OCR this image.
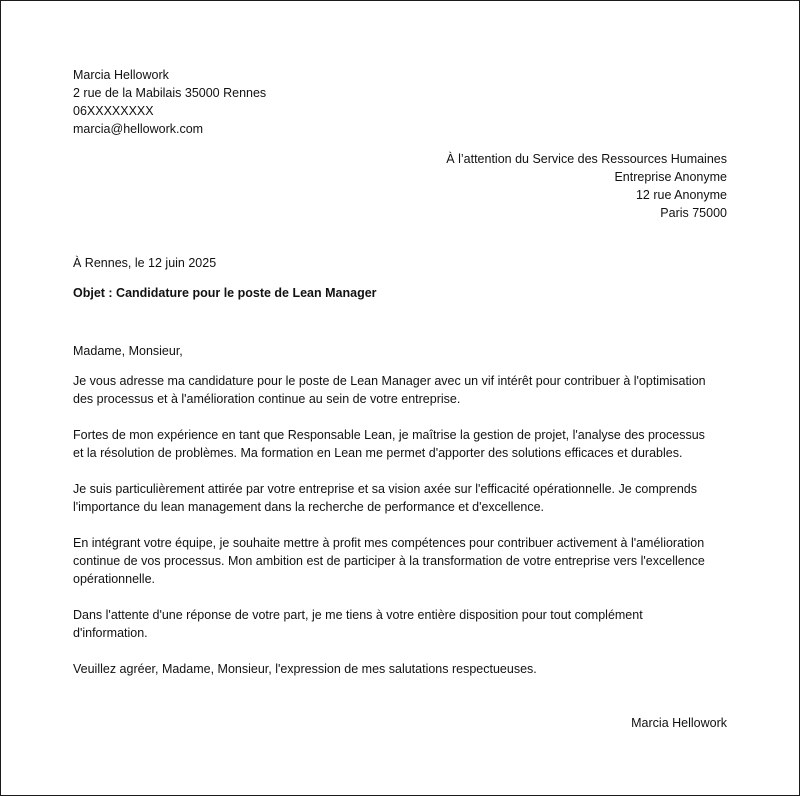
Marcia Hellowork
2 rue de la Mabilais 35000 Rennes
06XXXXXXXX
marcia@hellowork.com
À l’attention du Service des Ressources Humaines
Entreprise Anonyme
12 rue Anonyme
Paris 75000
À Rennes, le 12 juin 2025
Objet : Candidature pour le poste de Lean Manager
Madame, Monsieur,

Je vous adresse ma candidature pour le poste de Lean Manager avec un vif intérêt pour contribuer à l'optimisation
des processus et à l'amélioration continue au sein de votre entreprise.

Fortes de mon expérience en tant que Responsable Lean, je maîtrise la gestion de projet, l'analyse des processus
et la résolution de problèmes. Ma formation en Lean me permet d'apporter des solutions efficaces et durables.

Je suis particulièrement attirée par votre entreprise et sa vision axée sur l'efficacité opérationnelle. Je comprends
l'importance du lean management dans la recherche de performance et d'excellence.

En intégrant votre équipe, je souhaite mettre à profit mes compétences pour contribuer activement à l'amélioration
continue de vos processus. Mon ambition est de participer à la transformation de votre entreprise vers l'excellence
opérationnelle.

Dans l'attente d'une réponse de votre part, je me tiens à votre entière disposition pour tout complément
d'information.

Veuillez agréer, Madame, Monsieur, l'expression de mes salutations respectueuses.

Marcia Hellowork
